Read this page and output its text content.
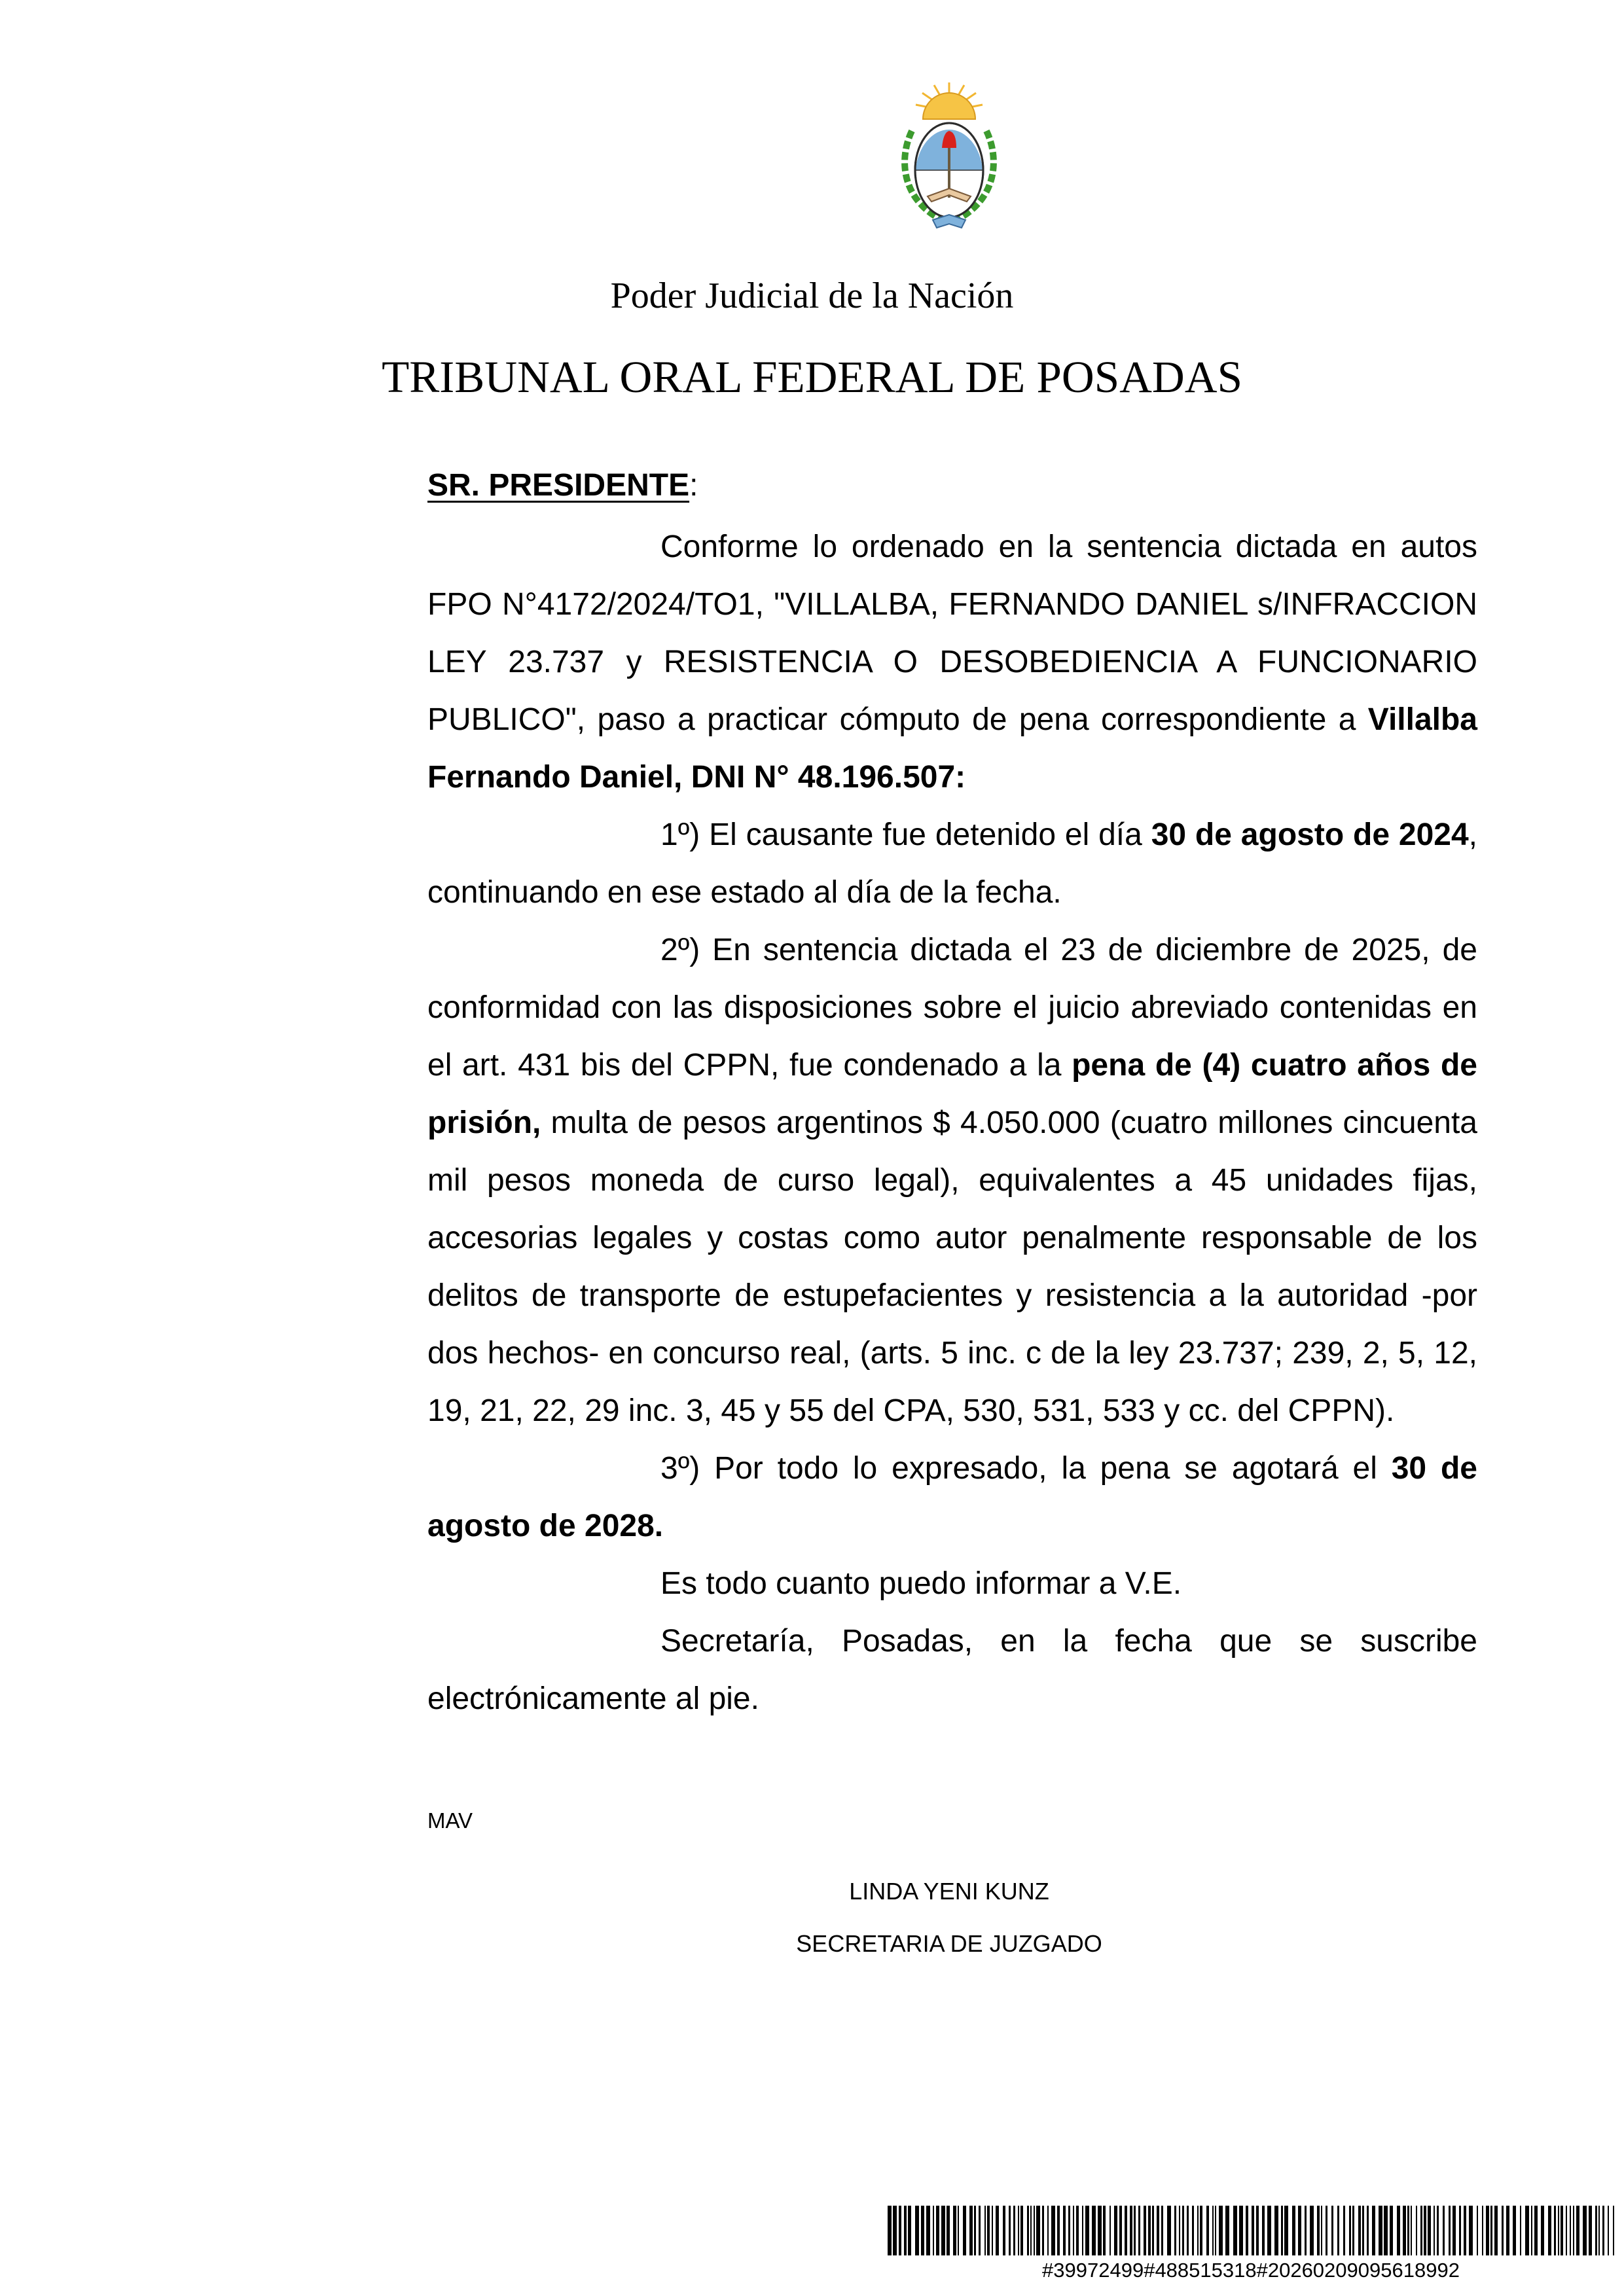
Poder Judicial de la Nación
TRIBUNAL ORAL FEDERAL DE POSADAS

SR. PRESIDENTE:

Conforme lo ordenado en la sentencia dictada en autos FPO N°4172/2024/TO1, "VILLALBA, FERNANDO DANIEL s/INFRACCION LEY 23.737 y RESISTENCIA O DESOBEDIENCIA A FUNCIONARIO PUBLICO", paso a practicar cómputo de pena correspondiente a Villalba Fernando Daniel, DNI N° 48.196.507:

1º) El causante fue detenido el día 30 de agosto de 2024, continuando en ese estado al día de la fecha.

2º) En sentencia dictada el 23 de diciembre de 2025, de conformidad con las disposiciones sobre el juicio abreviado contenidas en el art. 431 bis del CPPN, fue condenado a la pena de (4) cuatro años de prisión, multa de pesos argentinos $ 4.050.000 (cuatro millones cincuenta mil pesos moneda de curso legal), equivalentes a 45 unidades fijas, accesorias legales y costas como autor penalmente responsable de los delitos de transporte de estupefacientes y resistencia a la autoridad -por dos hechos- en concurso real, (arts. 5 inc. c de la ley 23.737; 239, 2, 5, 12, 19, 21, 22, 29 inc. 3, 45 y 55 del CPA, 530, 531, 533 y cc. del CPPN).

3º) Por todo lo expresado, la pena se agotará el 30 de agosto de 2028.

Es todo cuanto puedo informar a V.E.

Secretaría, Posadas, en la fecha que se suscribe electrónicamente al pie.

MAV
LINDA YENI KUNZ
SECRETARIA DE JUZGADO
#39972499#488515318#20260209095618992
